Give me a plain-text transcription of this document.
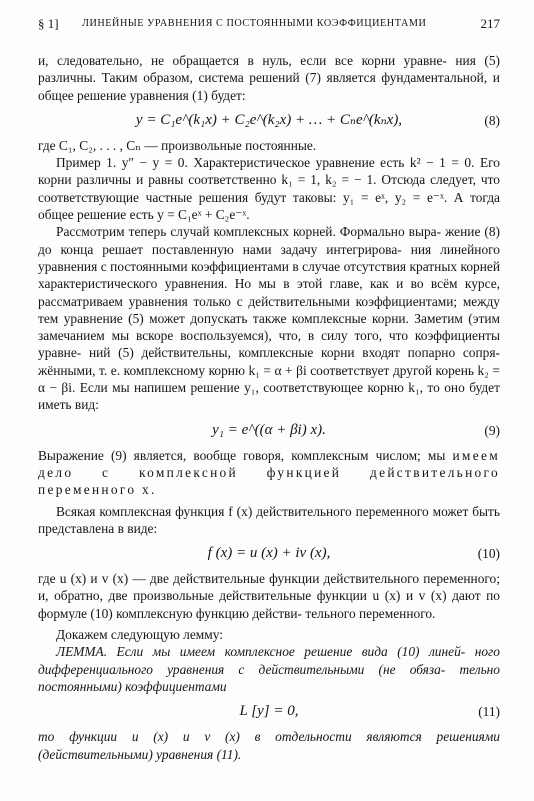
§ 1] ЛИНЕЙНЫЕ УРАВНЕНИЯ С ПОСТОЯННЫМИ КОЭФФИЦИЕНТАМИ	217

и, следовательно, не обращается в нуль, если все корни уравне- ния (5) различны. Таким образом, система решений (7) является фундаментальной, и общее решение уравнения (1) будет:

y = C₁e^(k₁x) + C₂e^(k₂x) + … + Cₙe^(kₙx),	(8)

где C₁, C₂, . . . , Cₙ — произвольные постоянные.

Пример 1. y″ − y = 0. Характеристическое уравнение есть k² − 1 = 0. Его корни различны и равны соответственно k₁ = 1, k₂ = − 1. Отсюда следует, что соответствующие частные решения будут таковы: y₁ = eˣ, y₂ = e⁻ˣ. А тогда общее решение есть y = C₁eˣ + C₂e⁻ˣ.

Рассмотрим теперь случай комплексных корней. Формально выра- жение (8) до конца решает поставленную нами задачу интегрирова- ния линейного уравнения с постоянными коэффициентами в случае отсутствия кратных корней характеристического уравнения. Но мы в этой главе, как и во всём курсе, рассматриваем уравнения только с действительными коэффициентами; между тем уравнение (5) может допускать также комплексные корни. Заметим (этим замечанием мы вскоре воспользуемся), что, в силу того, что коэффициенты уравне- ний (5) действительны, комплексные корни входят попарно сопря- жёнными, т. е. комплексному корню k₁ = α + βi соответствует другой корень k₂ = α − βi. Если мы напишем решение y₁, соответствующее корню k₁, то оно будет иметь вид:

y₁ = e^((α + βi) x).	(9)

Выражение (9) является, вообще говоря, комплексным числом; мы имеем дело с комплексной функцией действительного переменного x.

Всякая комплексная функция f (x) действительного переменного может быть представлена в виде:

f (x) = u (x) + iv (x),	(10)

где u (x) и v (x) — две действительные функции действительного переменного; и, обратно, две произвольные действительные функции u (x) и v (x) дают по формуле (10) комплексную функцию действи- тельного переменного.

Докажем следующую лемму:

ЛЕММА. Если мы имеем комплексное решение вида (10) линей- ного дифференциального уравнения с действительными (не обяза- тельно постоянными) коэффициентами

L [y] = 0,	(11)

то функции u (x) и v (x) в отдельности являются решениями (действительными) уравнения (11).
